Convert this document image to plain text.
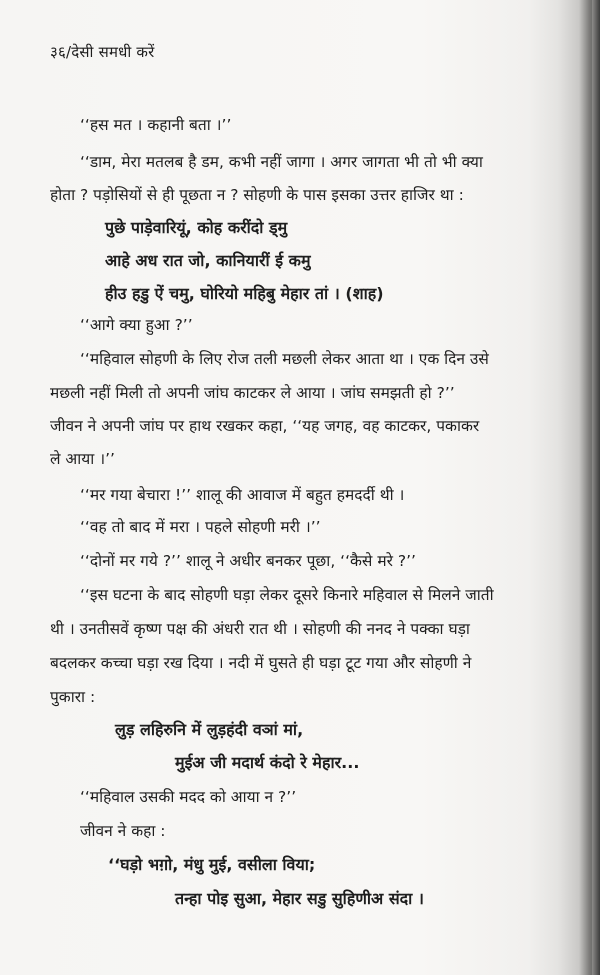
३६/देसी समधी करें
‘‘हस मत । कहानी बता ।’’
‘‘डाम, मेरा मतलब है डम, कभी नहीं जागा । अगर जागता भी तो भी क्या
होता ? पड़ोसियों से ही पूछता न ? सोहणी के पास इसका उत्तर हाजिर था :
पुछे पाड़ेवारियूं, कोह करींदो ड्मु
आहे अध रात जो, कानियारीं ई कमु
हीउ हडु ऐं चमु, घोरियो महिबु मेहार तां । (शाह)
‘‘आगे क्या हुआ ?’’
‘‘महिवाल सोहणी के लिए रोज तली मछली लेकर आता था । एक दिन उसे
मछली नहीं मिली तो अपनी जांघ काटकर ले आया । जांघ समझती हो ?’’
जीवन ने अपनी जांघ पर हाथ रखकर कहा, ‘‘यह जगह, वह काटकर, पकाकर
ले आया ।’’
‘‘मर गया बेचारा !’’ शालू की आवाज में बहुत हमदर्दी थी ।
‘‘वह तो बाद में मरा । पहले सोहणी मरी ।’’
‘‘दोनों मर गये ?’’ शालू ने अधीर बनकर पूछा, ‘‘कैसे मरे ?’’
‘‘इस घटना के बाद सोहणी घड़ा लेकर दूसरे किनारे महिवाल से मिलने जाती
थी । उनतीसवें कृष्ण पक्ष की अंधरी रात थी । सोहणी की ननद ने पक्का घड़ा
बदलकर कच्चा घड़ा रख दिया । नदी में घुसते ही घड़ा टूट गया और सोहणी ने
पुकारा :
लुड़ लहिरुनि में लुड़हंदी वञां मां,
मुईअ जी मदार्थ कंदो रे मेहार...
‘‘महिवाल उसकी मदद को आया न ?’’
जीवन ने कहा :
‘‘घड़ो भग़ो, मंधु मुई, वसीला विया;
तन्हा पोइ सुआ, मेहार सडु सुहिणीअ संदा ।
